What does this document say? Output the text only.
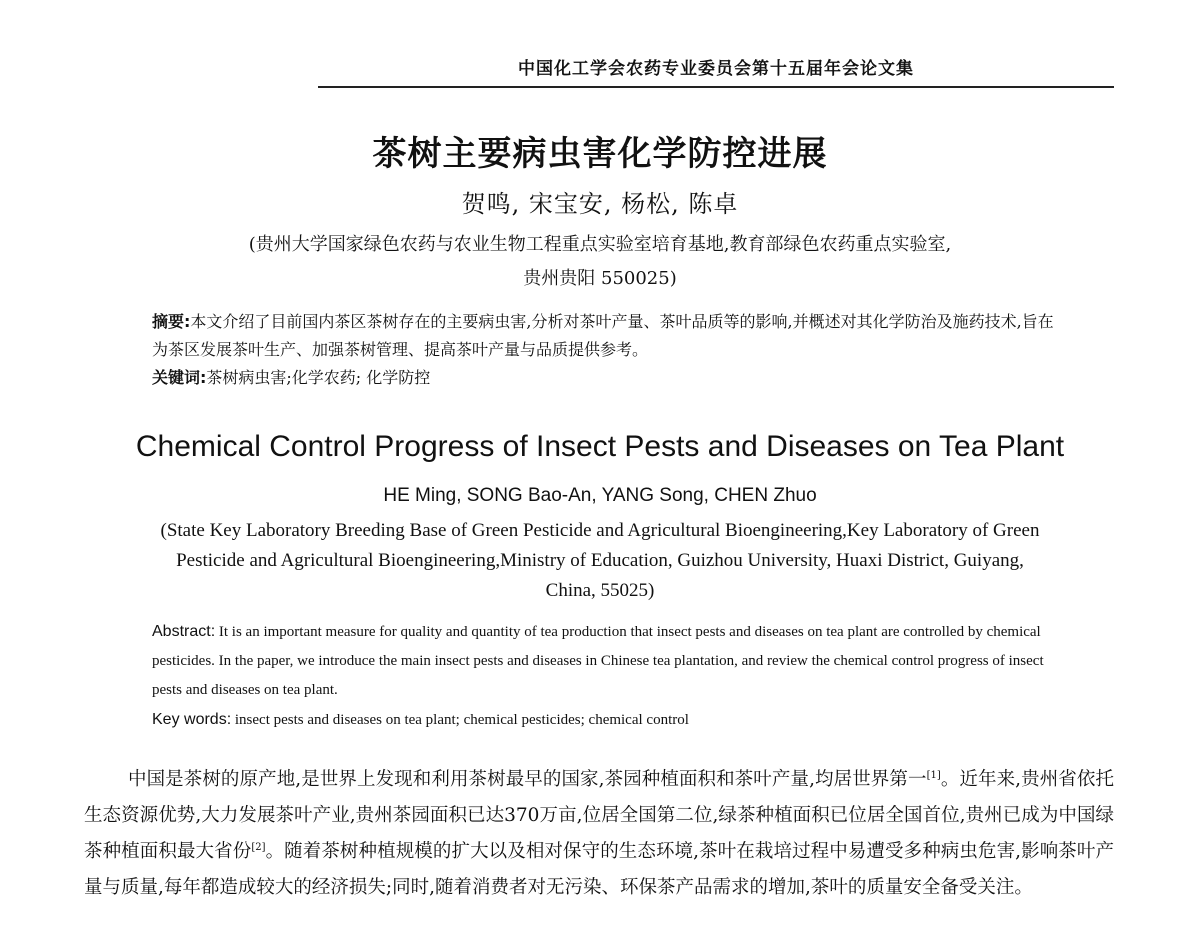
中国化工学会农药专业委员会第十五届年会论文集
茶树主要病虫害化学防控进展
贺鸣, 宋宝安, 杨松, 陈卓
(贵州大学国家绿色农药与农业生物工程重点实验室培育基地,教育部绿色农药重点实验室,
贵州贵阳 550025)
摘要:本文介绍了目前国内茶区茶树存在的主要病虫害,分析对茶叶产量、茶叶品质等的影响,并概述对其化学防治及施药技术,旨在为茶区发展茶叶生产、加强茶树管理、提高茶叶产量与品质提供参考。
关键词:茶树病虫害;化学农药; 化学防控
Chemical Control Progress of Insect Pests and Diseases on Tea Plant
HE Ming, SONG Bao-An, YANG Song, CHEN Zhuo
(State Key Laboratory Breeding Base of Green Pesticide and Agricultural Bioengineering,Key Laboratory of Green Pesticide and Agricultural Bioengineering,Ministry of Education, Guizhou University, Huaxi District, Guiyang, China, 55025)
Abstract: It is an important measure for quality and quantity of tea production that insect pests and diseases on tea plant are controlled by chemical pesticides. In the paper, we introduce the main insect pests and diseases in Chinese tea plantation, and review the chemical control progress of insect pests and diseases on tea plant.
Key words: insect pests and diseases on tea plant; chemical pesticides; chemical control
中国是茶树的原产地,是世界上发现和利用茶树最早的国家,茶园种植面积和茶叶产量,均居世界第一[1]。近年来,贵州省依托生态资源优势,大力发展茶叶产业,贵州茶园面积已达370万亩,位居全国第二位,绿茶种植面积已位居全国首位,贵州已成为中国绿茶种植面积最大省份[2]。随着茶树种植规模的扩大以及相对保守的生态环境,茶叶在栽培过程中易遭受多种病虫危害,影响茶叶产量与质量,每年都造成较大的经济损失;同时,随着消费者对无污染、环保茶产品需求的增加,茶叶的质量安全备受关注。
